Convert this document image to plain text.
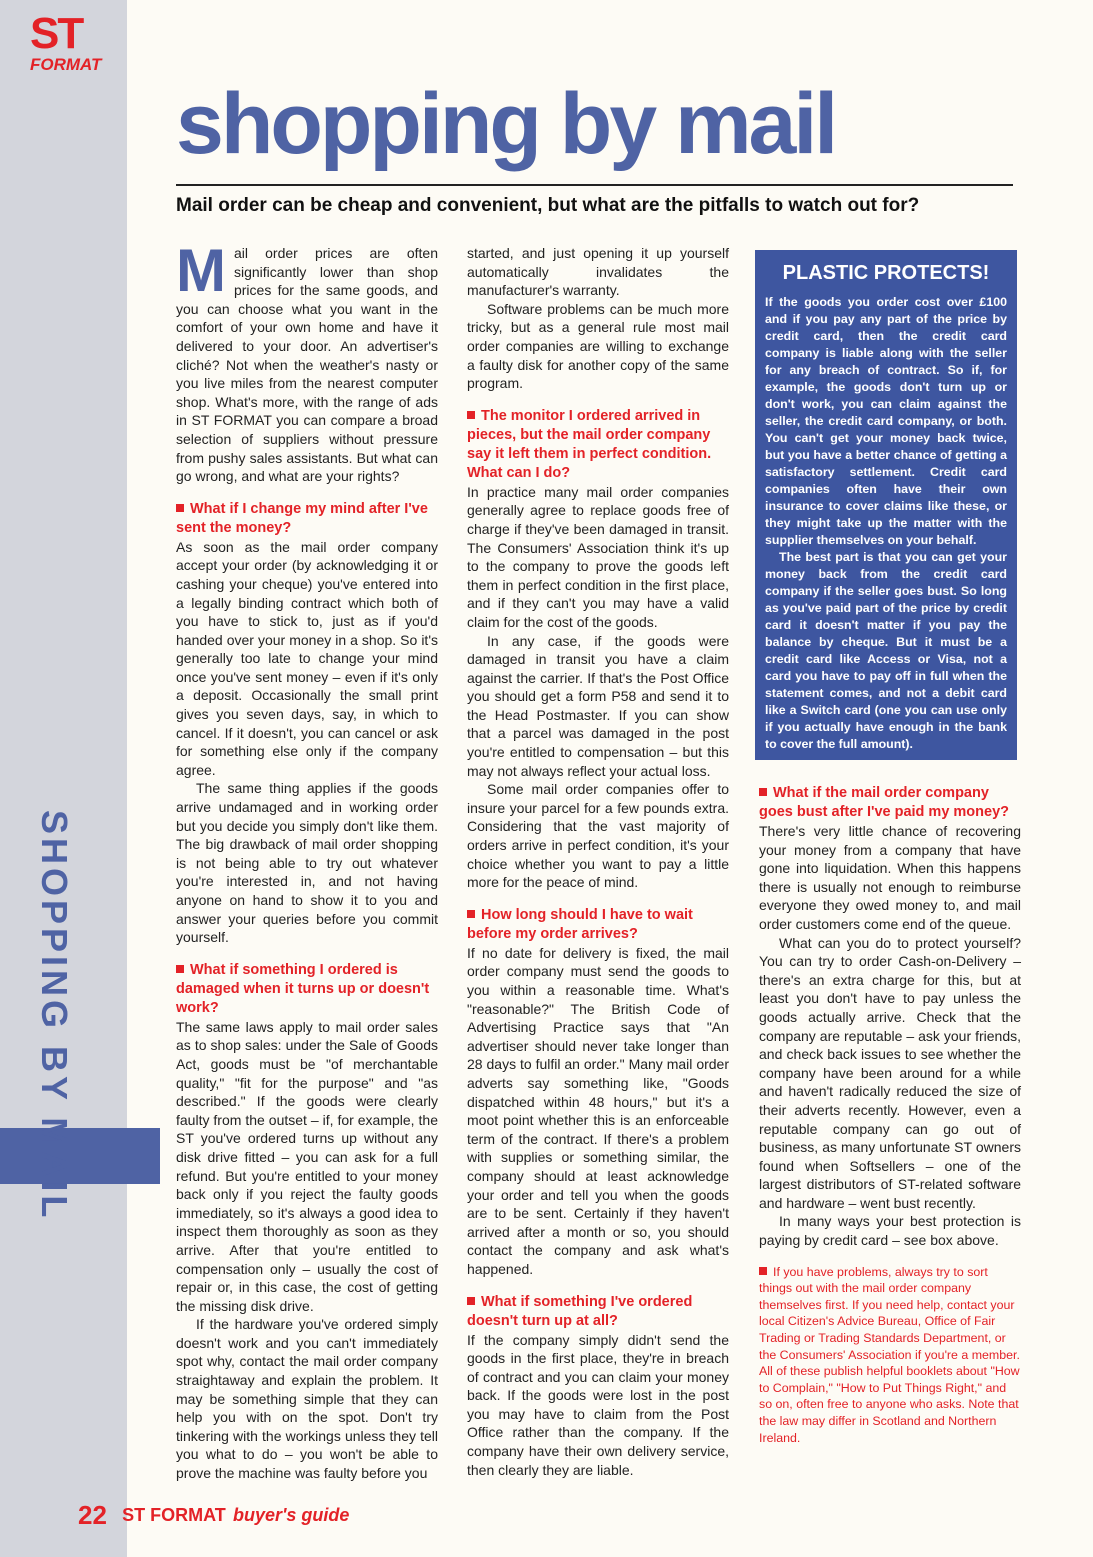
ST
FORMAT
SHOPPING BY MAIL
shopping by mail
Mail order can be cheap and convenient, but what are the pitfalls to watch out for?

Mail order prices are often significantly lower than shop prices for the same goods, and you can choose what you want in the comfort of your own home and have it delivered to your door. An advertiser's cliché? Not when the weather's nasty or you live miles from the nearest computer shop. What's more, with the range of ads in ST FORMAT you can compare a broad selection of suppliers without pressure from pushy sales assistants. But what can go wrong, and what are your rights?

What if I change my mind after I've sent the money?

As soon as the mail order company accept your order (by acknowledging it or cashing your cheque) you've entered into a legally binding contract which both of you have to stick to, just as if you'd handed over your money in a shop. So it's generally too late to change your mind once you've sent money – even if it's only a deposit. Occasionally the small print gives you seven days, say, in which to cancel. If it doesn't, you can cancel or ask for something else only if the company agree.

The same thing applies if the goods arrive undamaged and in working order but you decide you simply don't like them. The big drawback of mail order shopping is not being able to try out whatever you're interested in, and not having anyone on hand to show it to you and answer your queries before you commit yourself.

What if something I ordered is damaged when it turns up or doesn't work?

The same laws apply to mail order sales as to shop sales: under the Sale of Goods Act, goods must be "of merchantable quality," "fit for the purpose" and "as described." If the goods were clearly faulty from the outset – if, for example, the ST you've ordered turns up without any disk drive fitted – you can ask for a full refund. But you're entitled to your money back only if you reject the faulty goods immediately, so it's always a good idea to inspect them thoroughly as soon as they arrive. After that you're entitled to compensation only – usually the cost of repair or, in this case, the cost of getting the missing disk drive.

If the hardware you've ordered simply doesn't work and you can't immediately spot why, contact the mail order company straightaway and explain the problem. It may be something simple that they can help you with on the spot. Don't try tinkering with the workings unless they tell you what to do – you won't be able to prove the machine was faulty before you

started, and just opening it up yourself automatically invalidates the manufacturer's warranty.

Software problems can be much more tricky, but as a general rule most mail order companies are willing to exchange a faulty disk for another copy of the same program.

The monitor I ordered arrived in pieces, but the mail order company say it left them in perfect condition. What can I do?

In practice many mail order companies generally agree to replace goods free of charge if they've been damaged in transit. The Consumers' Association think it's up to the company to prove the goods left them in perfect condition in the first place, and if they can't you may have a valid claim for the cost of the goods.

In any case, if the goods were damaged in transit you have a claim against the carrier. If that's the Post Office you should get a form P58 and send it to the Head Postmaster. If you can show that a parcel was damaged in the post you're entitled to compensation – but this may not always reflect your actual loss.

Some mail order companies offer to insure your parcel for a few pounds extra. Considering that the vast majority of orders arrive in perfect condition, it's your choice whether you want to pay a little more for the peace of mind.

How long should I have to wait before my order arrives?

If no date for delivery is fixed, the mail order company must send the goods to you within a reasonable time. What's "reasonable?" The British Code of Advertising Practice says that "An advertiser should never take longer than 28 days to fulfil an order." Many mail order adverts say something like, "Goods dispatched within 48 hours," but it's a moot point whether this is an enforceable term of the contract. If there's a problem with supplies or something similar, the company should at least acknowledge your order and tell you when the goods are to be sent. Certainly if they haven't arrived after a month or so, you should contact the company and ask what's happened.

What if something I've ordered doesn't turn up at all?

If the company simply didn't send the goods in the first place, they're in breach of contract and you can claim your money back. If the goods were lost in the post you may have to claim from the Post Office rather than the company. If the company have their own delivery service, then clearly they are liable.

PLASTIC PROTECTS!

If the goods you order cost over £100 and if you pay any part of the price by credit card, then the credit card company is liable along with the seller for any breach of contract. So if, for example, the goods don't turn up or don't work, you can claim against the seller, the credit card company, or both. You can't get your money back twice, but you have a better chance of getting a satisfactory settlement. Credit card companies often have their own insurance to cover claims like these, or they might take up the matter with the supplier themselves on your behalf.

The best part is that you can get your money back from the credit card company if the seller goes bust. So long as you've paid part of the price by credit card it doesn't matter if you pay the balance by cheque. But it must be a credit card like Access or Visa, not a card you have to pay off in full when the statement comes, and not a debit card like a Switch card (one you can use only if you actually have enough in the bank to cover the full amount).

What if the mail order company goes bust after I've paid my money?

There's very little chance of recovering your money from a company that have gone into liquidation. When this happens there is usually not enough to reimburse everyone they owed money to, and mail order customers come end of the queue.

What can you do to protect yourself? You can try to order Cash-on-Delivery – there's an extra charge for this, but at least you don't have to pay unless the goods actually arrive. Check that the company are reputable – ask your friends, and check back issues to see whether the company have been around for a while and haven't radically reduced the size of their adverts recently. However, even a reputable company can go out of business, as many unfortunate ST owners found when Softsellers – one of the largest distributors of ST-related software and hardware – went bust recently.

In many ways your best protection is paying by credit card – see box above.

If you have problems, always try to sort things out with the mail order company themselves first. If you need help, contact your local Citizen's Advice Bureau, Office of Fair Trading or Trading Standards Department, or the Consumers' Association if you're a member. All of these publish helpful booklets about "How to Complain," "How to Put Things Right," and so on, often free to anyone who asks. Note that the law may differ in Scotland and Northern Ireland.
22 ST FORMAT buyer's guide
